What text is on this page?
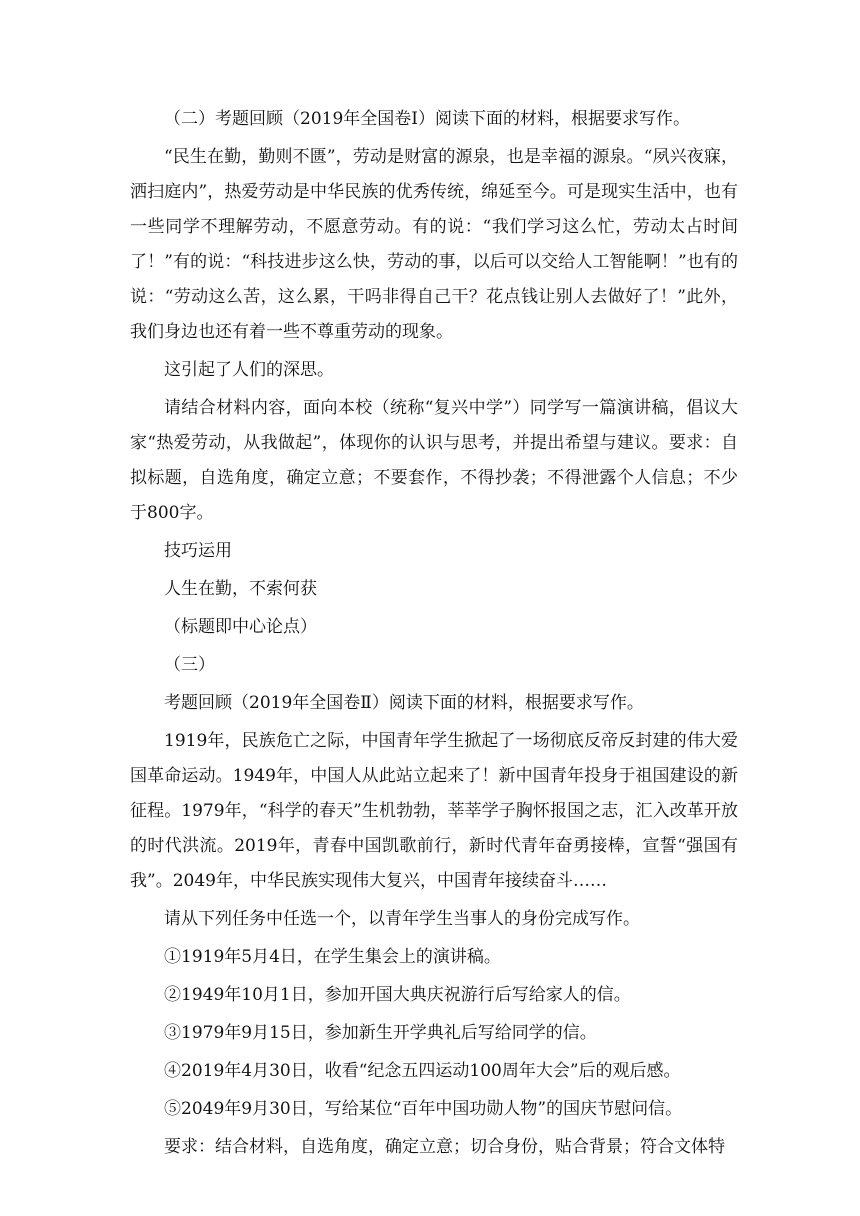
（二）考题回顾（2019年全国卷Ⅰ）阅读下面的材料，根据要求写作。

“民生在勤，勤则不匮”，劳动是财富的源泉，也是幸福的源泉。“夙兴夜寐，洒扫庭内”，热爱劳动是中华民族的优秀传统，绵延至今。可是现实生活中，也有一些同学不理解劳动，不愿意劳动。有的说：“我们学习这么忙，劳动太占时间了！”有的说：“科技进步这么快，劳动的事，以后可以交给人工智能啊！”也有的说：“劳动这么苦，这么累，干吗非得自己干？花点钱让别人去做好了！”此外，我们身边也还有着一些不尊重劳动的现象。

这引起了人们的深思。

请结合材料内容，面向本校（统称“复兴中学”）同学写一篇演讲稿，倡议大家“热爱劳动，从我做起”，体现你的认识与思考，并提出希望与建议。要求：自拟标题，自选角度，确定立意；不要套作，不得抄袭；不得泄露个人信息；不少于800字。

技巧运用

人生在勤，不索何获

（标题即中心论点）

（三）

考题回顾（2019年全国卷Ⅱ）阅读下面的材料，根据要求写作。

1919年，民族危亡之际，中国青年学生掀起了一场彻底反帝反封建的伟大爱国革命运动。1949年，中国人从此站立起来了！新中国青年投身于祖国建设的新征程。1979年，“科学的春天”生机勃勃，莘莘学子胸怀报国之志，汇入改革开放的时代洪流。2019年，青春中国凯歌前行，新时代青年奋勇接棒，宣誓“强国有我”。2049年，中华民族实现伟大复兴，中国青年接续奋斗……

请从下列任务中任选一个，以青年学生当事人的身份完成写作。

①1919年5月4日，在学生集会上的演讲稿。

②1949年10月1日，参加开国大典庆祝游行后写给家人的信。

③1979年9月15日，参加新生开学典礼后写给同学的信。

④2019年4月30日，收看“纪念五四运动100周年大会”后的观后感。

⑤2049年9月30日，写给某位“百年中国功勋人物”的国庆节慰问信。

要求：结合材料，自选角度，确定立意；切合身份，贴合背景；符合文体特
